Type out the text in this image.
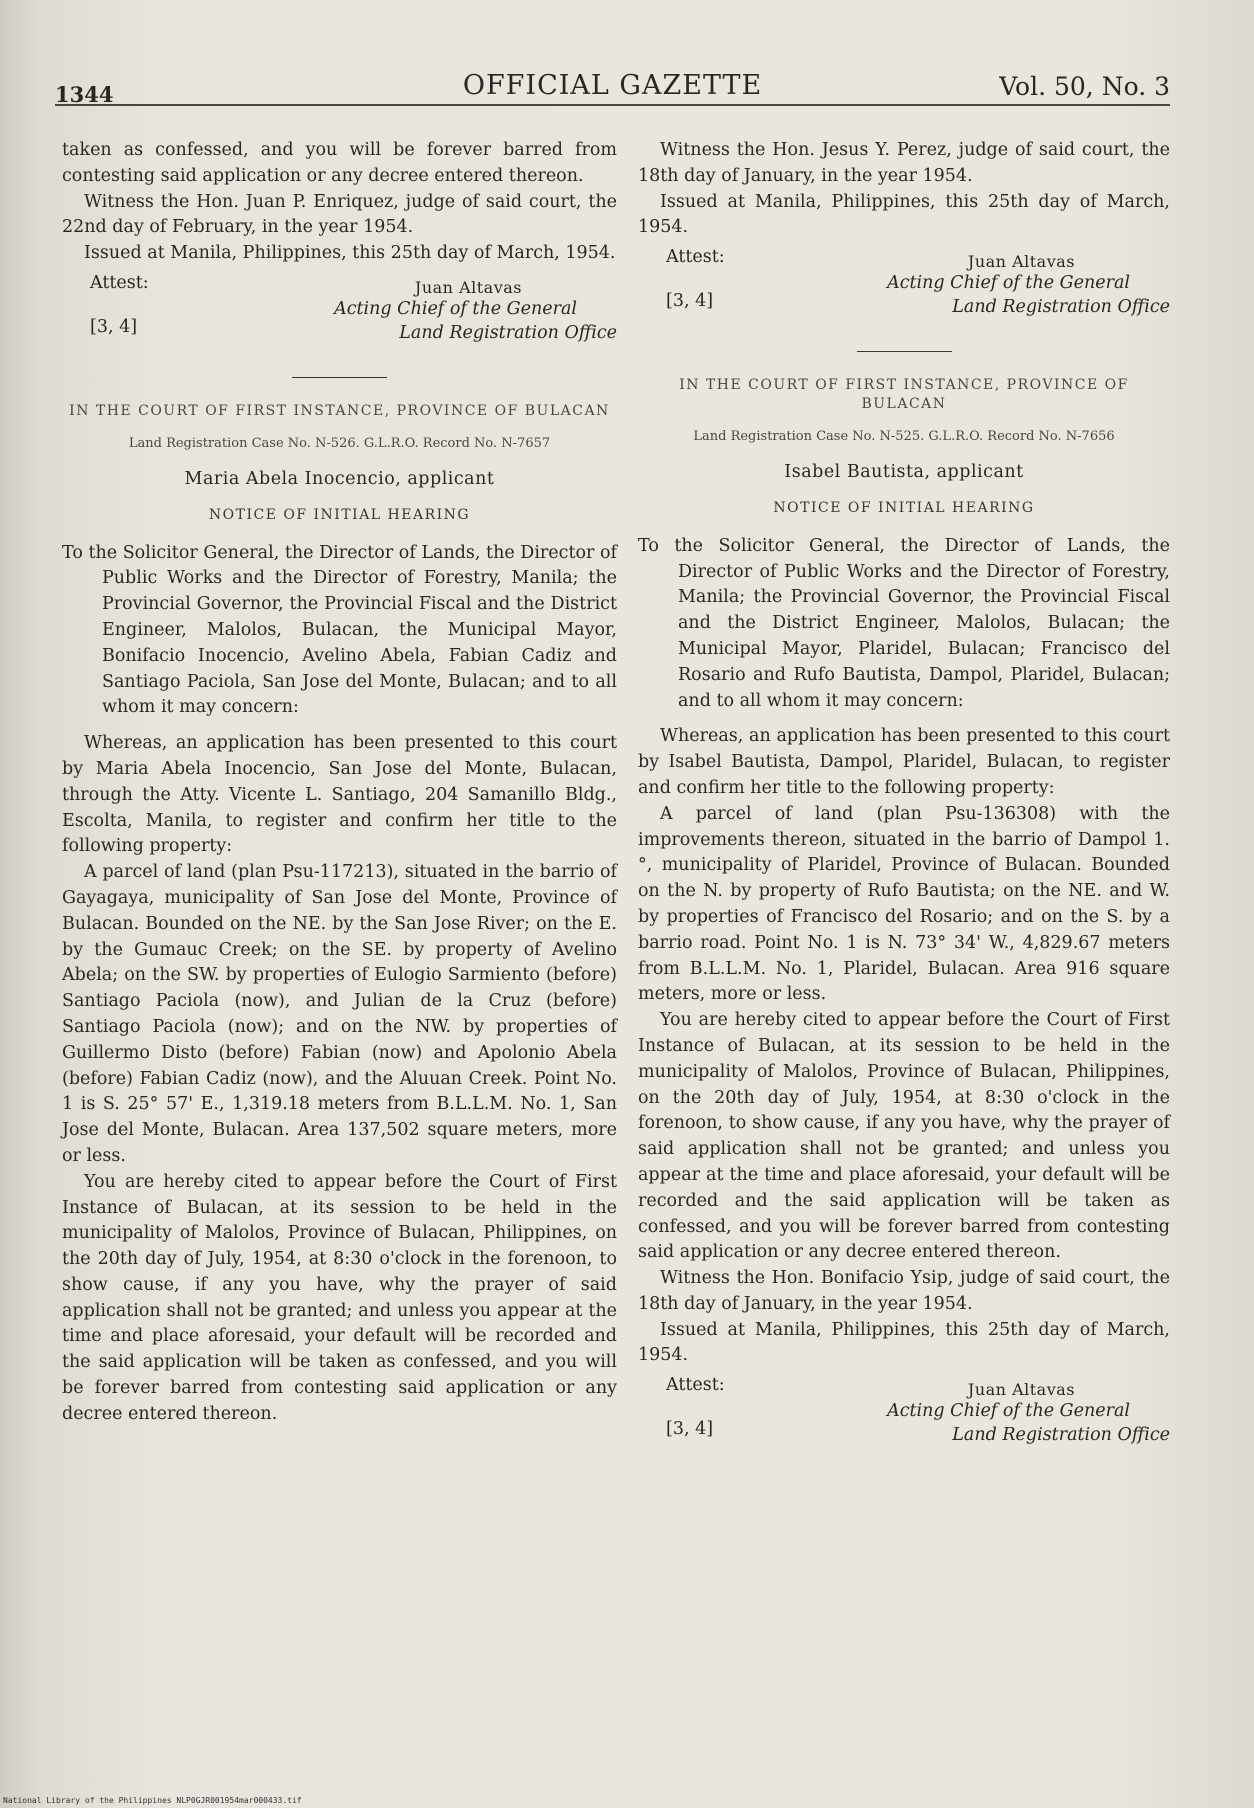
1344	OFFICIAL GAZETTE	Vol. 50, No. 3

taken as confessed, and you will be forever barred from contesting said application or any decree entered thereon.

Witness the Hon. Juan P. Enriquez, judge of said court, the 22nd day of February, in the year 1954.

Issued at Manila, Philippines, this 25th day of March, 1954.

Attest:
[3, 4]
Juan Altavas
Acting Chief of the General
Land Registration Office
IN THE COURT OF FIRST INSTANCE, PROVINCE OF BULACAN
Land Registration Case No. N-526. G.L.R.O. Record No. N-7657
Maria Abela Inocencio, applicant
NOTICE OF INITIAL HEARING

To the Solicitor General, the Director of Lands, the Director of Public Works and the Director of Forestry, Manila; the Provincial Governor, the Provincial Fiscal and the District Engineer, Malolos, Bulacan, the Municipal Mayor, Bonifacio Inocencio, Avelino Abela, Fabian Cadiz and Santiago Paciola, San Jose del Monte, Bulacan; and to all whom it may concern:

Whereas, an application has been presented to this court by Maria Abela Inocencio, San Jose del Monte, Bulacan, through the Atty. Vicente L. Santiago, 204 Samanillo Bldg., Escolta, Manila, to register and confirm her title to the following property:

A parcel of land (plan Psu-117213), situated in the barrio of Gayagaya, municipality of San Jose del Monte, Province of Bulacan. Bounded on the NE. by the San Jose River; on the E. by the Gumauc Creek; on the SE. by property of Avelino Abela; on the SW. by properties of Eulogio Sarmiento (before) Santiago Paciola (now), and Julian de la Cruz (before) Santiago Paciola (now); and on the NW. by properties of Guillermo Disto (before) Fabian (now) and Apolonio Abela (before) Fabian Cadiz (now), and the Aluuan Creek. Point No. 1 is S. 25° 57' E., 1,319.18 meters from B.L.L.M. No. 1, San Jose del Monte, Bulacan. Area 137,502 square meters, more or less.

You are hereby cited to appear before the Court of First Instance of Bulacan, at its session to be held in the municipality of Malolos, Province of Bulacan, Philippines, on the 20th day of July, 1954, at 8:30 o'clock in the forenoon, to show cause, if any you have, why the prayer of said application shall not be granted; and unless you appear at the time and place aforesaid, your default will be recorded and the said application will be taken as confessed, and you will be forever barred from contesting said application or any decree entered thereon.

Witness the Hon. Jesus Y. Perez, judge of said court, the 18th day of January, in the year 1954.

Issued at Manila, Philippines, this 25th day of March, 1954.

Attest:
[3, 4]
Juan Altavas
Acting Chief of the General
Land Registration Office
IN THE COURT OF FIRST INSTANCE, PROVINCE OF BULACAN
Land Registration Case No. N-525. G.L.R.O. Record No. N-7656
Isabel Bautista, applicant
NOTICE OF INITIAL HEARING

To the Solicitor General, the Director of Lands, the Director of Public Works and the Director of Forestry, Manila; the Provincial Governor, the Provincial Fiscal and the District Engineer, Malolos, Bulacan; the Municipal Mayor, Plaridel, Bulacan; Francisco del Rosario and Rufo Bautista, Dampol, Plaridel, Bulacan; and to all whom it may concern:

Whereas, an application has been presented to this court by Isabel Bautista, Dampol, Plaridel, Bulacan, to register and confirm her title to the following property:

A parcel of land (plan Psu-136308) with the improvements thereon, situated in the barrio of Dampol 1.°, municipality of Plaridel, Province of Bulacan. Bounded on the N. by property of Rufo Bautista; on the NE. and W. by properties of Francisco del Rosario; and on the S. by a barrio road. Point No. 1 is N. 73° 34' W., 4,829.67 meters from B.L.L.M. No. 1, Plaridel, Bulacan. Area 916 square meters, more or less.

You are hereby cited to appear before the Court of First Instance of Bulacan, at its session to be held in the municipality of Malolos, Province of Bulacan, Philippines, on the 20th day of July, 1954, at 8:30 o'clock in the forenoon, to show cause, if any you have, why the prayer of said application shall not be granted; and unless you appear at the time and place aforesaid, your default will be recorded and the said application will be taken as confessed, and you will be forever barred from contesting said application or any decree entered thereon.

Witness the Hon. Bonifacio Ysip, judge of said court, the 18th day of January, in the year 1954.

Issued at Manila, Philippines, this 25th day of March, 1954.

Attest:
[3, 4]
Juan Altavas
Acting Chief of the General
Land Registration Office
National Library of the Philippines NLP0GJR001954mar000433.tif
